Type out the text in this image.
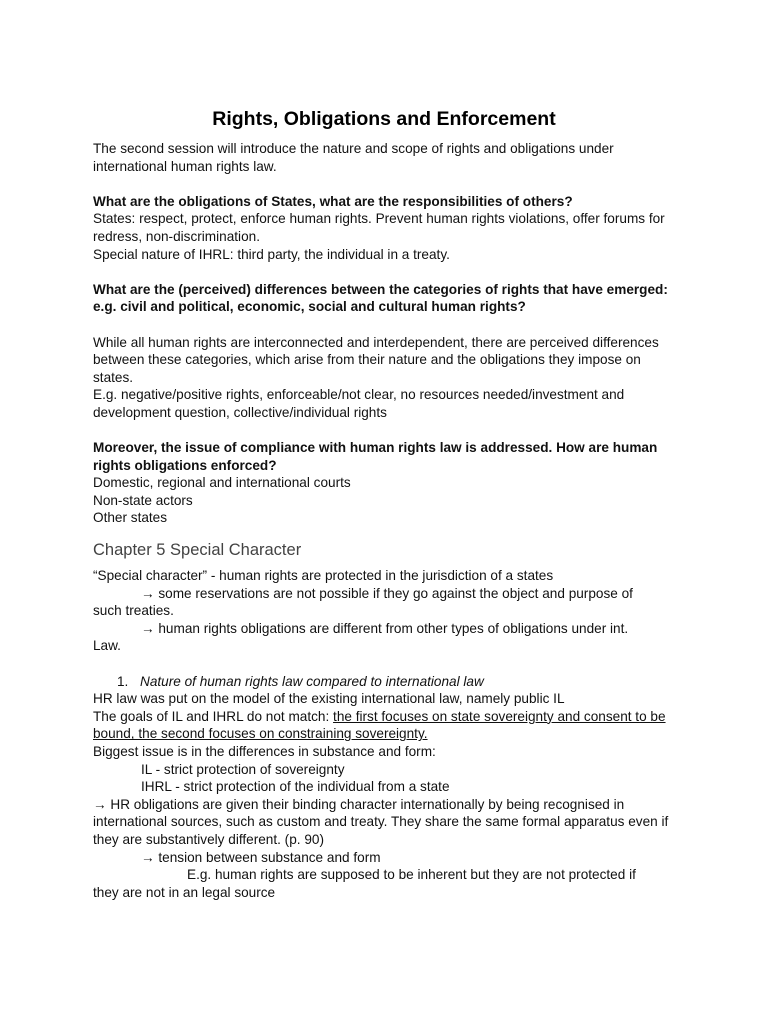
Rights, Obligations and Enforcement

The second session will introduce the nature and scope of rights and obligations under international human rights law.

What are the obligations of States, what are the responsibilities of others?

States: respect, protect, enforce human rights. Prevent human rights violations, offer forums for

redress, non-discrimination.

Special nature of IHRL: third party, the individual in a treaty.

What are the (perceived) differences between the categories of rights that have emerged: e.g. civil and political, economic, social and cultural human rights?

While all human rights are interconnected and interdependent, there are perceived differences between these categories, which arise from their nature and the obligations they impose on states.

E.g. negative/positive rights, enforceable/not clear, no resources needed/investment and development question, collective/individual rights

Moreover, the issue of compliance with human rights law is addressed. How are human rights obligations enforced?

Domestic, regional and international courts

Non-state actors

Other states

Chapter 5 Special Character

“Special character” - human rights are protected in the jurisdiction of a states

→ some reservations are not possible if they go against the object and purpose of

such treaties.

→ human rights obligations are different from other types of obligations under int.

Law.

1. Nature of human rights law compared to international law

HR law was put on the model of the existing international law, namely public IL

The goals of IL and IHRL do not match: the first focuses on state sovereignty and consent to be bound, the second focuses on constraining sovereignty.

Biggest issue is in the differences in substance and form:

IL - strict protection of sovereignty

IHRL - strict protection of the individual from a state

→ HR obligations are given their binding character internationally by being recognised in international sources, such as custom and treaty. They share the same formal apparatus even if they are substantively different. (p. 90)

→ tension between substance and form

E.g. human rights are supposed to be inherent but they are not protected if

they are not in an legal source
